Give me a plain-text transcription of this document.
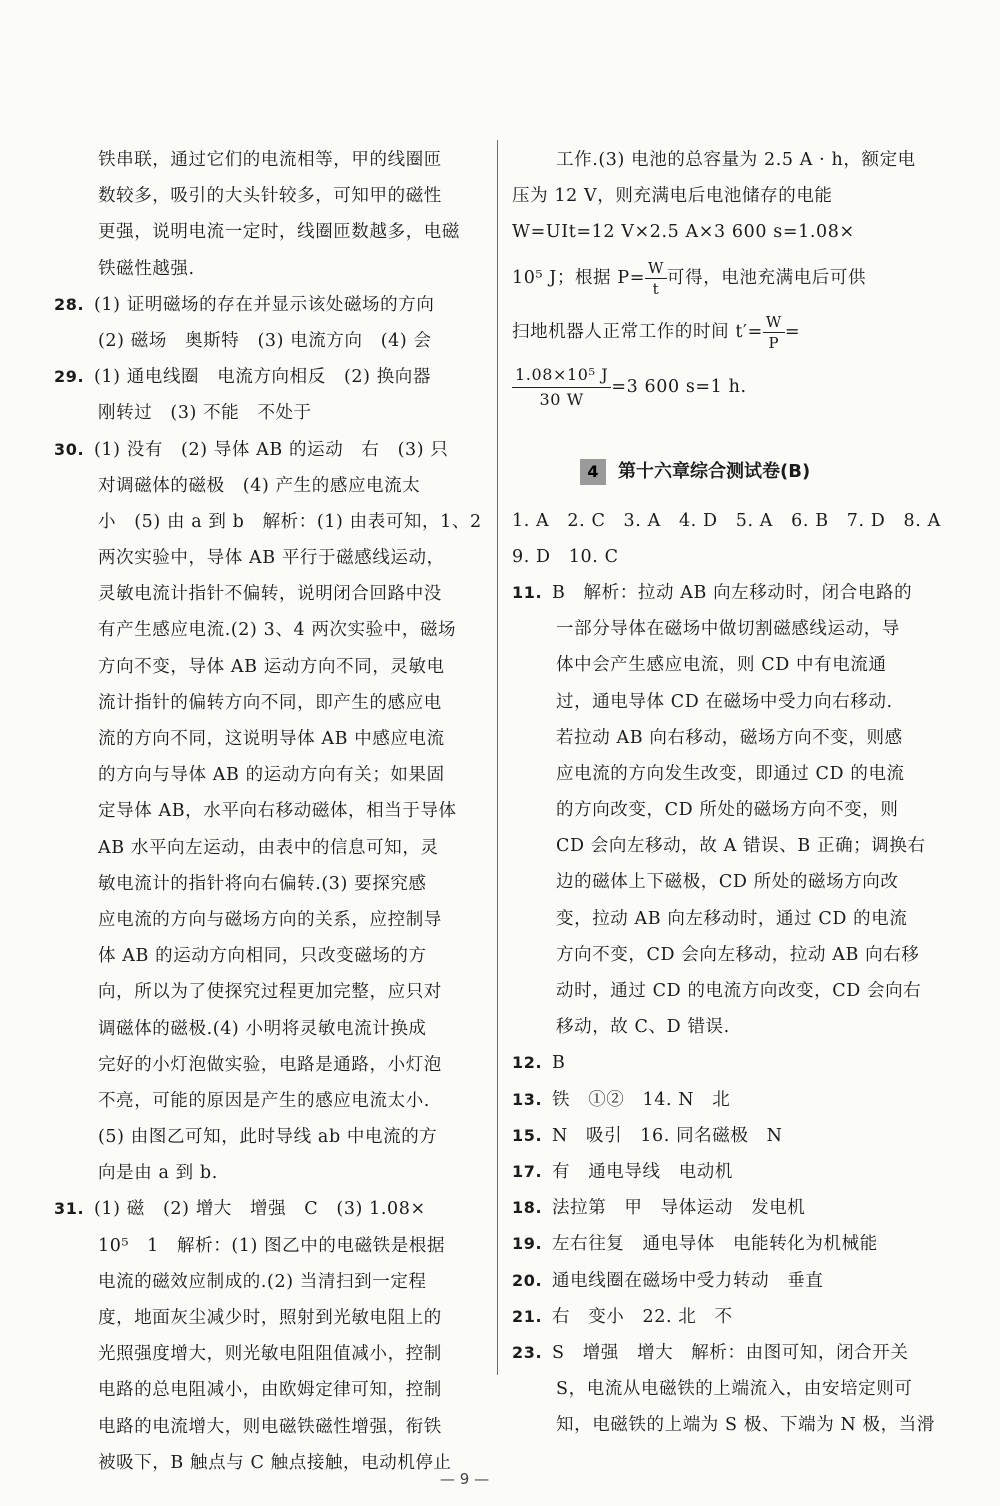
铁串联，通过它们的电流相等，甲的线圈匝
数较多，吸引的大头针较多，可知甲的磁性
更强，说明电流一定时，线圈匝数越多，电磁
铁磁性越强.
28. (1) 证明磁场的存在并显示该处磁场的方向
(2) 磁场　奥斯特　(3) 电流方向　(4) 会
29. (1) 通电线圈　电流方向相反　(2) 换向器
刚转过　(3) 不能　不处于
30. (1) 没有　(2) 导体 AB 的运动　右　(3) 只
对调磁体的磁极　(4) 产生的感应电流太
小　(5) 由 a 到 b　解析：(1) 由表可知，1、2
两次实验中，导体 AB 平行于磁感线运动，
灵敏电流计指针不偏转，说明闭合回路中没
有产生感应电流.(2) 3、4 两次实验中，磁场
方向不变，导体 AB 运动方向不同，灵敏电
流计指针的偏转方向不同，即产生的感应电
流的方向不同，这说明导体 AB 中感应电流
的方向与导体 AB 的运动方向有关；如果固
定导体 AB，水平向右移动磁体，相当于导体
AB 水平向左运动，由表中的信息可知，灵
敏电流计的指针将向右偏转.(3) 要探究感
应电流的方向与磁场方向的关系，应控制导
体 AB 的运动方向相同，只改变磁场的方
向，所以为了使探究过程更加完整，应只对
调磁体的磁极.(4) 小明将灵敏电流计换成
完好的小灯泡做实验，电路是通路，小灯泡
不亮，可能的原因是产生的感应电流太小.
(5) 由图乙可知，此时导线 ab 中电流的方
向是由 a 到 b.
31. (1) 磁　(2) 增大　增强　C　(3) 1.08×
10⁵　1　解析：(1) 图乙中的电磁铁是根据
电流的磁效应制成的.(2) 当清扫到一定程
度，地面灰尘减少时，照射到光敏电阻上的
光照强度增大，则光敏电阻阻值减小，控制
电路的总电阻减小，由欧姆定律可知，控制
电路的电流增大，则电磁铁磁性增强，衔铁
被吸下，B 触点与 C 触点接触，电动机停止
工作.(3) 电池的总容量为 2.5 A · h，额定电
压为 12 V，则充满电后电池储存的电能
W=UIt=12 V×2.5 A×3 600 s=1.08×
10⁵ J；根据 $P= \frac{W}{t}$ 可得，电池充满电后可供
扫地机器人正常工作的时间 $t'= \frac{W}{P}$ =
$\frac{\text{1.08×10⁵ J}}{30 W} =3$ 600 s=1 h.
4 第十六章综合测试卷(B)
1. A　2. C　3. A　4. D　5. A　6. B　7. D　8. A
9. D　10. C
11. B　解析：拉动 AB 向左移动时，闭合电路的
一部分导体在磁场中做切割磁感线运动，导
体中会产生感应电流，则 CD 中有电流通
过，通电导体 CD 在磁场中受力向右移动.
若拉动 AB 向右移动，磁场方向不变，则感
应电流的方向发生改变，即通过 CD 的电流
的方向改变，CD 所处的磁场方向不变，则
CD 会向左移动，故 A 错误、B 正确；调换右
边的磁体上下磁极，CD 所处的磁场方向改
变，拉动 AB 向左移动时，通过 CD 的电流
方向不变，CD 会向左移动，拉动 AB 向右移
动时，通过 CD 的电流方向改变，CD 会向右
移动，故 C、D 错误.
12. B
13. 铁　①②　14. N　北
15. N　吸引　16. 同名磁极　N
17. 有　通电导线　电动机
18. 法拉第　甲　导体运动　发电机
19. 左右往复　通电导体　电能转化为机械能
20. 通电线圈在磁场中受力转动　垂直
21. 右　变小　22. 北　不
23. S　增强　增大　解析：由图可知，闭合开关
S，电流从电磁铁的上端流入，由安培定则可
知，电磁铁的上端为 S 极、下端为 N 极，当滑
— 9 —
